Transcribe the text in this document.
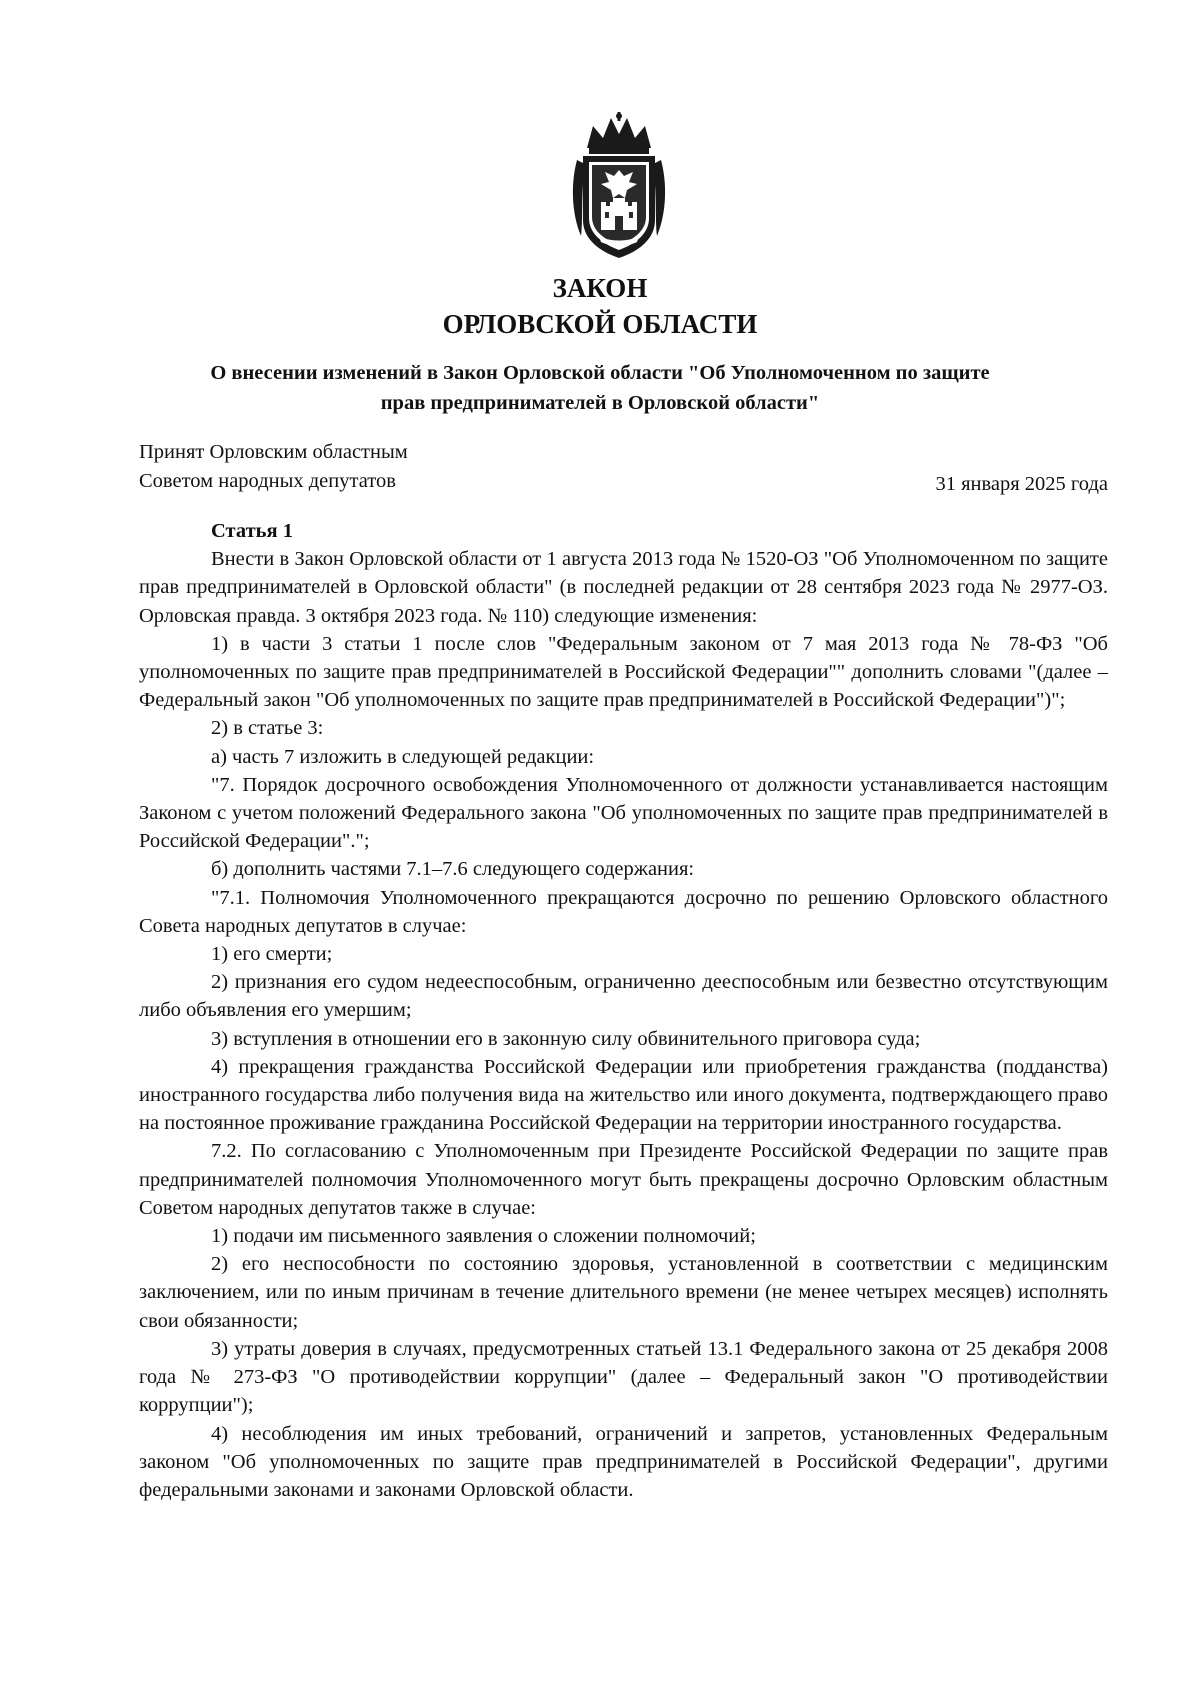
ЗАКОН
ОРЛОВСКОЙ ОБЛАСТИ
О внесении изменений в Закон Орловской области "Об Уполномоченном по защите
прав предпринимателей в Орловской области"
Принят Орловским областным
Советом народных депутатов	31 января 2025 года

Статья 1

Внести в Закон Орловской области от 1 августа 2013 года № 1520-ОЗ "Об Уполномоченном по защите прав предпринимателей в Орловской области" (в последней редакции от 28 сентября 2023 года № 2977-ОЗ. Орловская правда. 3 октября 2023 года. № 110) следующие изменения:

1) в части 3 статьи 1 после слов "Федеральным законом от 7 мая 2013 года № 78-ФЗ "Об уполномоченных по защите прав предпринимателей в Российской Федерации"" дополнить словами "(далее – Федеральный закон "Об уполномоченных по защите прав предпринимателей в Российской Федерации")";

2) в статье 3:

а) часть 7 изложить в следующей редакции:

"7. Порядок досрочного освобождения Уполномоченного от должности устанавливается настоящим Законом с учетом положений Федерального закона "Об уполномоченных по защите прав предпринимателей в Российской Федерации".";

б) дополнить частями 7.1–7.6 следующего содержания:

"7.1. Полномочия Уполномоченного прекращаются досрочно по решению Орловского областного Совета народных депутатов в случае:

1) его смерти;

2) признания его судом недееспособным, ограниченно дееспособным или безвестно отсутствующим либо объявления его умершим;

3) вступления в отношении его в законную силу обвинительного приговора суда;

4) прекращения гражданства Российской Федерации или приобретения гражданства (подданства) иностранного государства либо получения вида на жительство или иного документа, подтверждающего право на постоянное проживание гражданина Российской Федерации на территории иностранного государства.

7.2. По согласованию с Уполномоченным при Президенте Российской Федерации по защите прав предпринимателей полномочия Уполномоченного могут быть прекращены досрочно Орловским областным Советом народных депутатов также в случае:

1) подачи им письменного заявления о сложении полномочий;

2) его неспособности по состоянию здоровья, установленной в соответствии с медицинским заключением, или по иным причинам в течение длительного времени (не менее четырех месяцев) исполнять свои обязанности;

3) утраты доверия в случаях, предусмотренных статьей 13.1 Федерального закона от 25 декабря 2008 года № 273-ФЗ "О противодействии коррупции" (далее – Федеральный закон "О противодействии коррупции");

4) несоблюдения им иных требований, ограничений и запретов, установленных Федеральным законом "Об уполномоченных по защите прав предпринимателей в Российской Федерации", другими федеральными законами и законами Орловской области.
